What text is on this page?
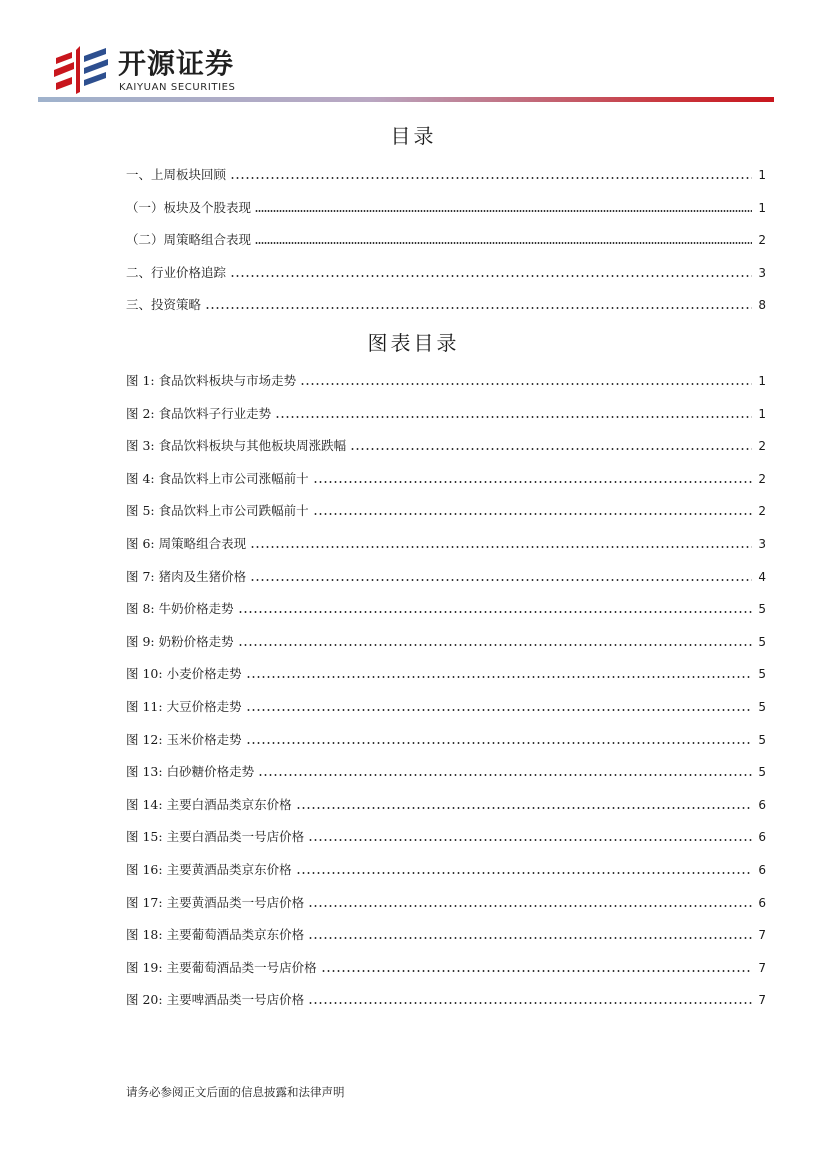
开源证券
KAIYUAN SECURITIES
目录
一、上周板块回顾	1
（一）板块及个股表现	1
（二）周策略组合表现	2
二、行业价格追踪	3
三、投资策略	8
图表目录
图 1: 食品饮料板块与市场走势	1
图 2: 食品饮料子行业走势	1
图 3: 食品饮料板块与其他板块周涨跌幅	2
图 4: 食品饮料上市公司涨幅前十	2
图 5: 食品饮料上市公司跌幅前十	2
图 6: 周策略组合表现	3
图 7: 猪肉及生猪价格	4
图 8: 牛奶价格走势	5
图 9: 奶粉价格走势	5
图 10: 小麦价格走势	5
图 11: 大豆价格走势	5
图 12: 玉米价格走势	5
图 13: 白砂糖价格走势	5
图 14: 主要白酒品类京东价格	6
图 15: 主要白酒品类一号店价格	6
图 16: 主要黄酒品类京东价格	6
图 17: 主要黄酒品类一号店价格	6
图 18: 主要葡萄酒品类京东价格	7
图 19: 主要葡萄酒品类一号店价格	7
图 20: 主要啤酒品类一号店价格	7
请务必参阅正文后面的信息披露和法律声明
